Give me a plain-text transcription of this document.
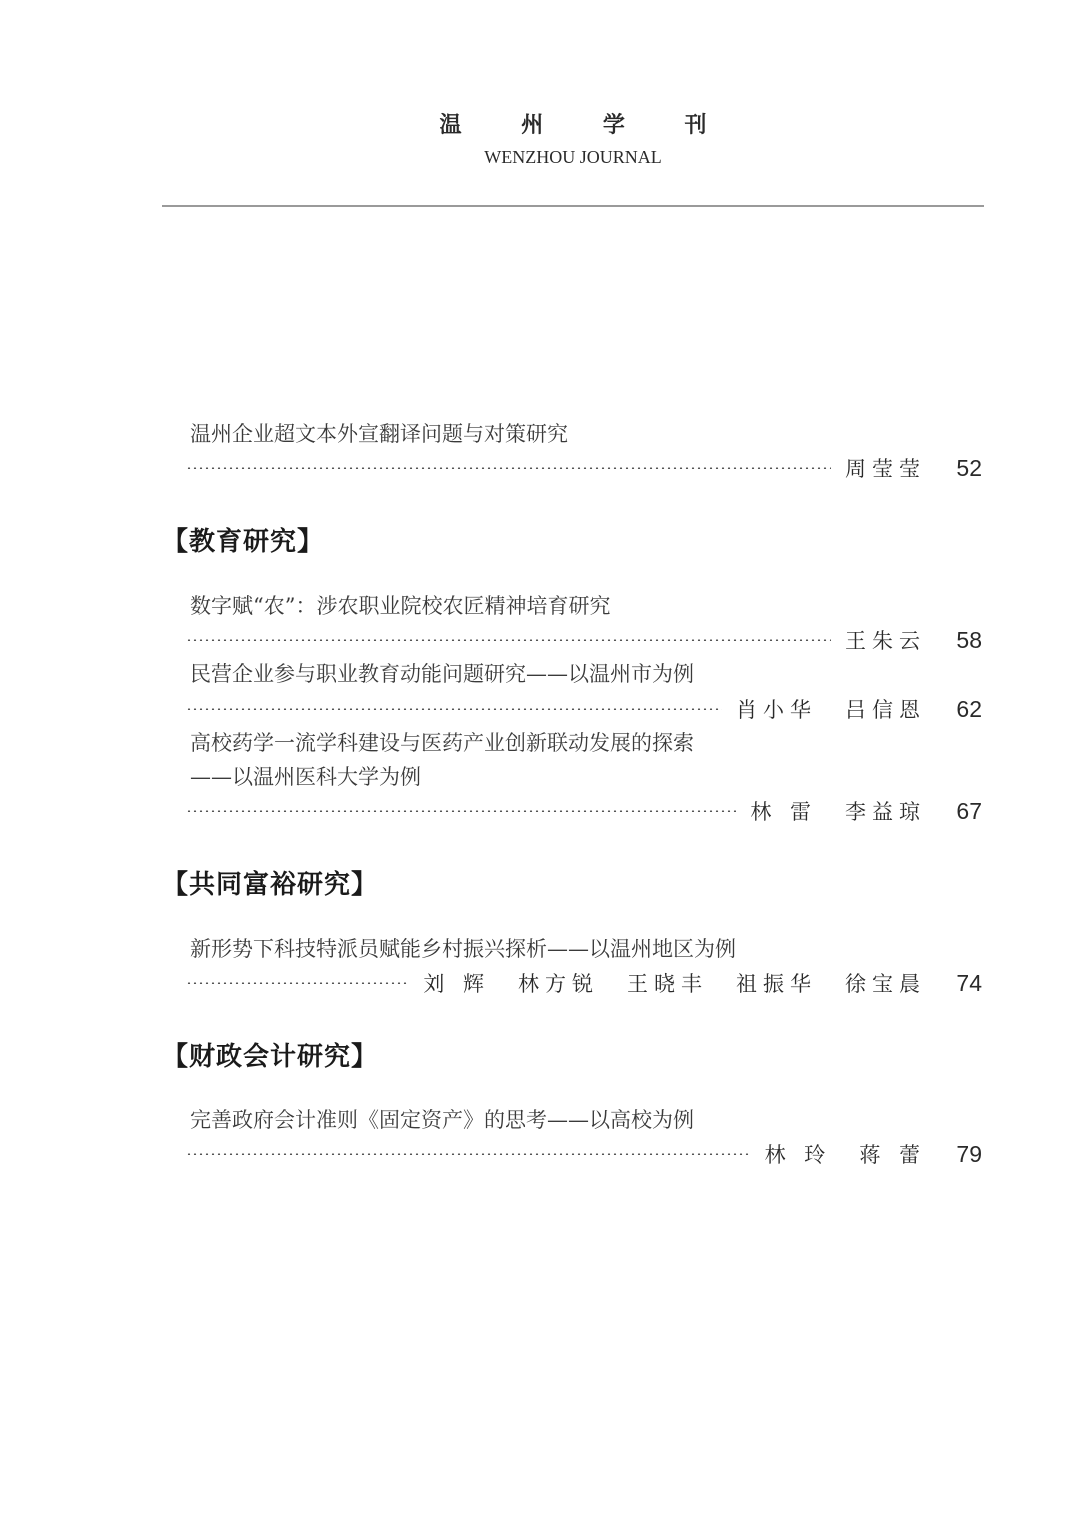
温 州 学 刊
WENZHOU JOURNAL
温州企业超文本外宣翻译问题与对策研究
周莹莹	52
【教育研究】
数字赋“农”：涉农职业院校农匠精神培育研究
王朱云	58
民营企业参与职业教育动能问题研究——以温州市为例
肖小华 吕信恩	62
高校药学一流学科建设与医药产业创新联动发展的探索
——以温州医科大学为例
林 雷 李益琼	67
【共同富裕研究】
新形势下科技特派员赋能乡村振兴探析——以温州地区为例
刘 辉 林方锐 王晓丰 祖振华 徐宝晨	74
【财政会计研究】
完善政府会计准则《固定资产》的思考——以高校为例
林 玲 蒋 蕾	79
